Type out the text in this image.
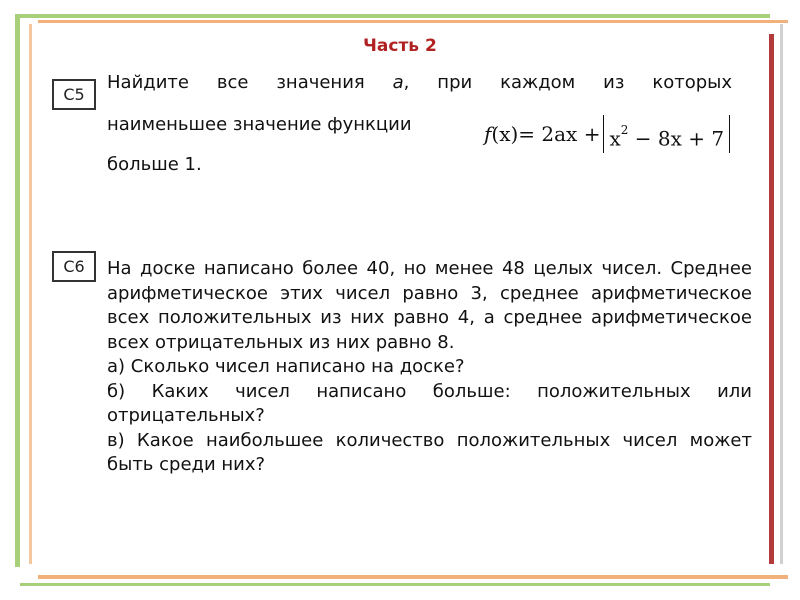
Часть 2
С5
Найдите все значения a, при каждом из которых
наименьшее значение функции	f $(x) = 2ax + x^2 - 8x + 7$
больше 1.
С6	На доске написано более 40, но менее 48 целых чисел. Среднее арифметическое этих чисел равно 3, среднее арифметическое всех положительных из них равно 4, а среднее арифметическое всех отрицательных из них равно 8.

а) Сколько чисел написано на доске?

б) Каких чисел написано больше: положительных или отрицательных?

в) Какое наибольшее количество положительных чисел может быть среди них?
